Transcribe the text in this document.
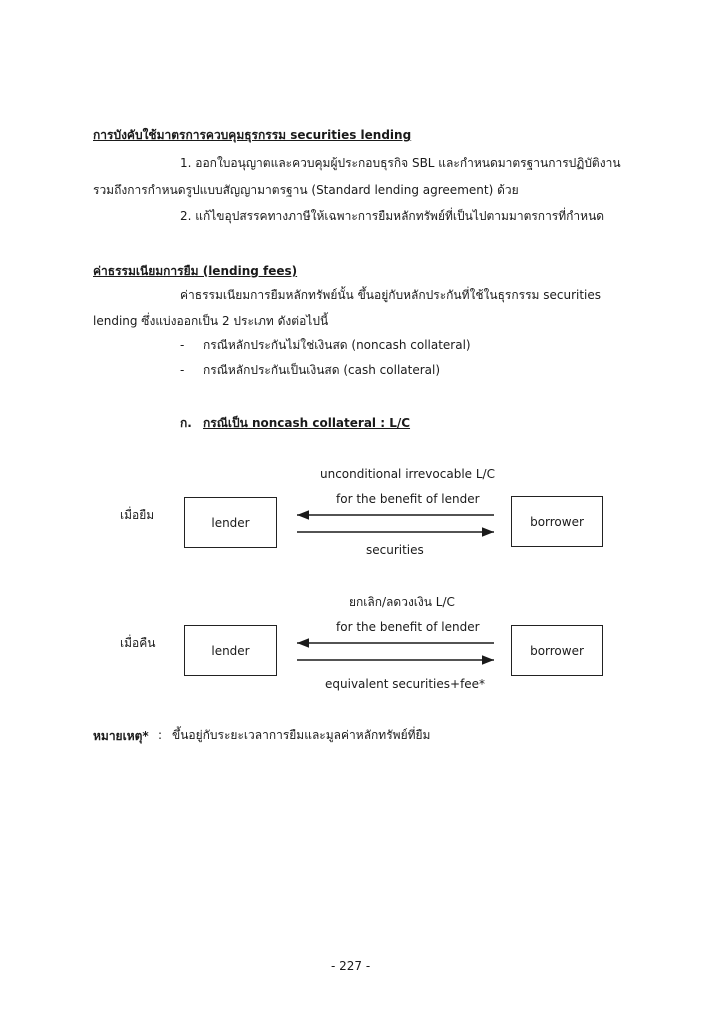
การบังคับใช้มาตรการควบคุมธุรกรรม securities lending
1. ออกใบอนุญาตและควบคุมผู้ประกอบธุรกิจ SBL และกำหนดมาตรฐานการปฏิบัติงาน
รวมถึงการกำหนดรูปแบบสัญญามาตรฐาน (Standard lending agreement) ด้วย
2. แก้ไขอุปสรรคทางภาษีให้เฉพาะการยืมหลักทรัพย์ที่เป็นไปตามมาตรการที่กำหนด
ค่าธรรมเนียมการยืม (lending fees)
ค่าธรรมเนียมการยืมหลักทรัพย์นั้น ขึ้นอยู่กับหลักประกันที่ใช้ในธุรกรรม securities
lending ซึ่งแบ่งออกเป็น 2 ประเภท ดังต่อไปนี้
- กรณีหลักประกันไม่ใช่เงินสด (noncash collateral)
- กรณีหลักประกันเป็นเงินสด (cash collateral)
ก. กรณีเป็น noncash collateral : L/C
unconditional irrevocable L/C
for the benefit of lender
เมื่อยืม
lender	borrower
securities
ยกเลิก/ลดวงเงิน L/C
for the benefit of lender
เมื่อคืน
lender	borrower
equivalent securities+fee*
หมายเหตุ* : ขึ้นอยู่กับระยะเวลาการยืมและมูลค่าหลักทรัพย์ที่ยืม
- 227 -
